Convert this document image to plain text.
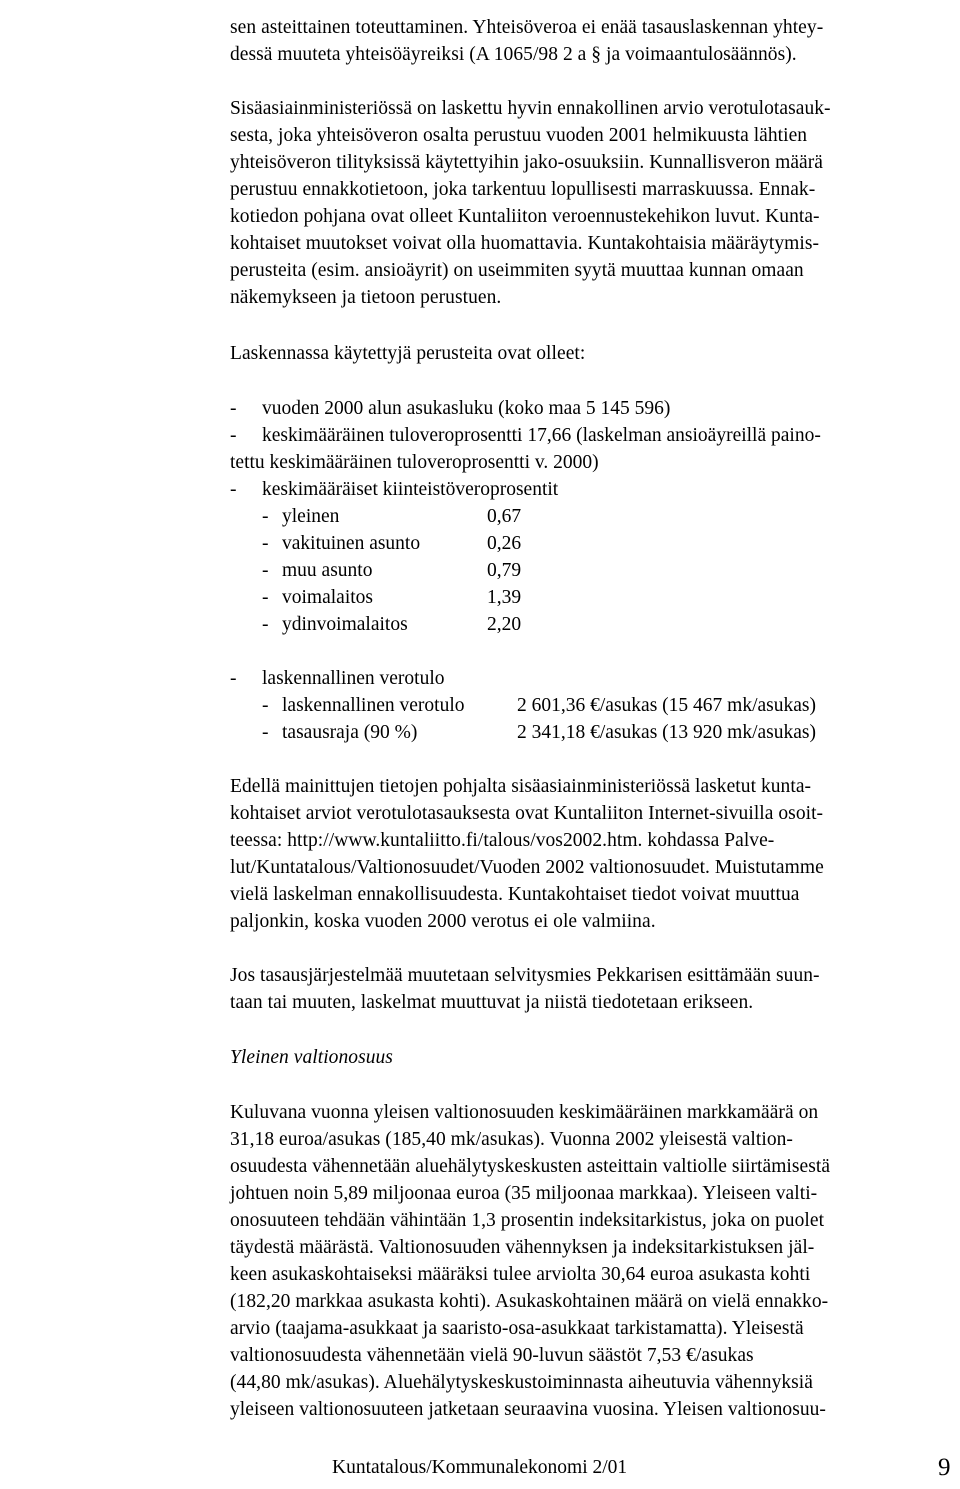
sen asteittainen toteuttaminen. Yhteisöveroa ei enää tasauslaskennan yhtey-
dessä muuteta yhteisöäyreiksi (A 1065/98 2 a § ja voimaantulosäännös).
Sisäasiainministeriössä on laskettu hyvin ennakollinen arvio verotulotasauk-
sesta, joka yhteisöveron osalta perustuu vuoden 2001 helmikuusta lähtien
yhteisöveron tilityksissä käytettyihin jako-osuuksiin. Kunnallisveron määrä
perustuu ennakkotietoon, joka tarkentuu lopullisesti marraskuussa. Ennak-
kotiedon pohjana ovat olleet Kuntaliiton veroennustekehikon luvut. Kunta-
kohtaiset muutokset voivat olla huomattavia. Kuntakohtaisia määräytymis-
perusteita (esim. ansioäyrit) on useimmiten syytä muuttaa kunnan omaan
näkemykseen ja tietoon perustuen.
Laskennassa käytettyjä perusteita ovat olleet:
- vuoden 2000 alun asukasluku (koko maa 5 145 596)
- keskimääräinen tuloveroprosentti 17,66 (laskelman ansioäyreillä paino-
tettu keskimääräinen tuloveroprosentti v. 2000)
- keskimääräiset kiinteistöveroprosentit
- yleinen	0,67
- vakituinen asunto	0,26
- muu asunto	0,79
- voimalaitos	1,39
- ydinvoimalaitos	2,20
- laskennallinen verotulo
- laskennallinen verotulo	2 601,36 €/asukas (15 467 mk/asukas)
- tasausraja (90 %)	2 341,18 €/asukas (13 920 mk/asukas)
Edellä mainittujen tietojen pohjalta sisäasiainministeriössä lasketut kunta-
kohtaiset arviot verotulotasauksesta ovat Kuntaliiton Internet-sivuilla osoit-
teessa: http://www.kuntaliitto.fi/talous/vos2002.htm. kohdassa Palve-
lut/Kuntatalous/Valtionosuudet/Vuoden 2002 valtionosuudet. Muistutamme
vielä laskelman ennakollisuudesta. Kuntakohtaiset tiedot voivat muuttua
paljonkin, koska vuoden 2000 verotus ei ole valmiina.
Jos tasausjärjestelmää muutetaan selvitysmies Pekkarisen esittämään suun-
taan tai muuten, laskelmat muuttuvat ja niistä tiedotetaan erikseen.
Yleinen valtionosuus
Kuluvana vuonna yleisen valtionosuuden keskimääräinen markkamäärä on
31,18 euroa/asukas (185,40 mk/asukas). Vuonna 2002 yleisestä valtion-
osuudesta vähennetään aluehälytyskeskusten asteittain valtiolle siirtämisestä
johtuen noin 5,89 miljoonaa euroa (35 miljoonaa markkaa). Yleiseen valti-
onosuuteen tehdään vähintään 1,3 prosentin indeksitarkistus, joka on puolet
täydestä määrästä. Valtionosuuden vähennyksen ja indeksitarkistuksen jäl-
keen asukaskohtaiseksi määräksi tulee arviolta 30,64 euroa asukasta kohti
(182,20 markkaa asukasta kohti). Asukaskohtainen määrä on vielä ennakko-
arvio (taajama-asukkaat ja saaristo-osa-asukkaat tarkistamatta). Yleisestä
valtionosuudesta vähennetään vielä 90-luvun säästöt 7,53 €/asukas
(44,80 mk/asukas). Aluehälytyskeskustoiminnasta aiheutuvia vähennyksiä
yleiseen valtionosuuteen jatketaan seuraavina vuosina. Yleisen valtionosuu-
Kuntatalous/Kommunalekonomi 2/01	9
